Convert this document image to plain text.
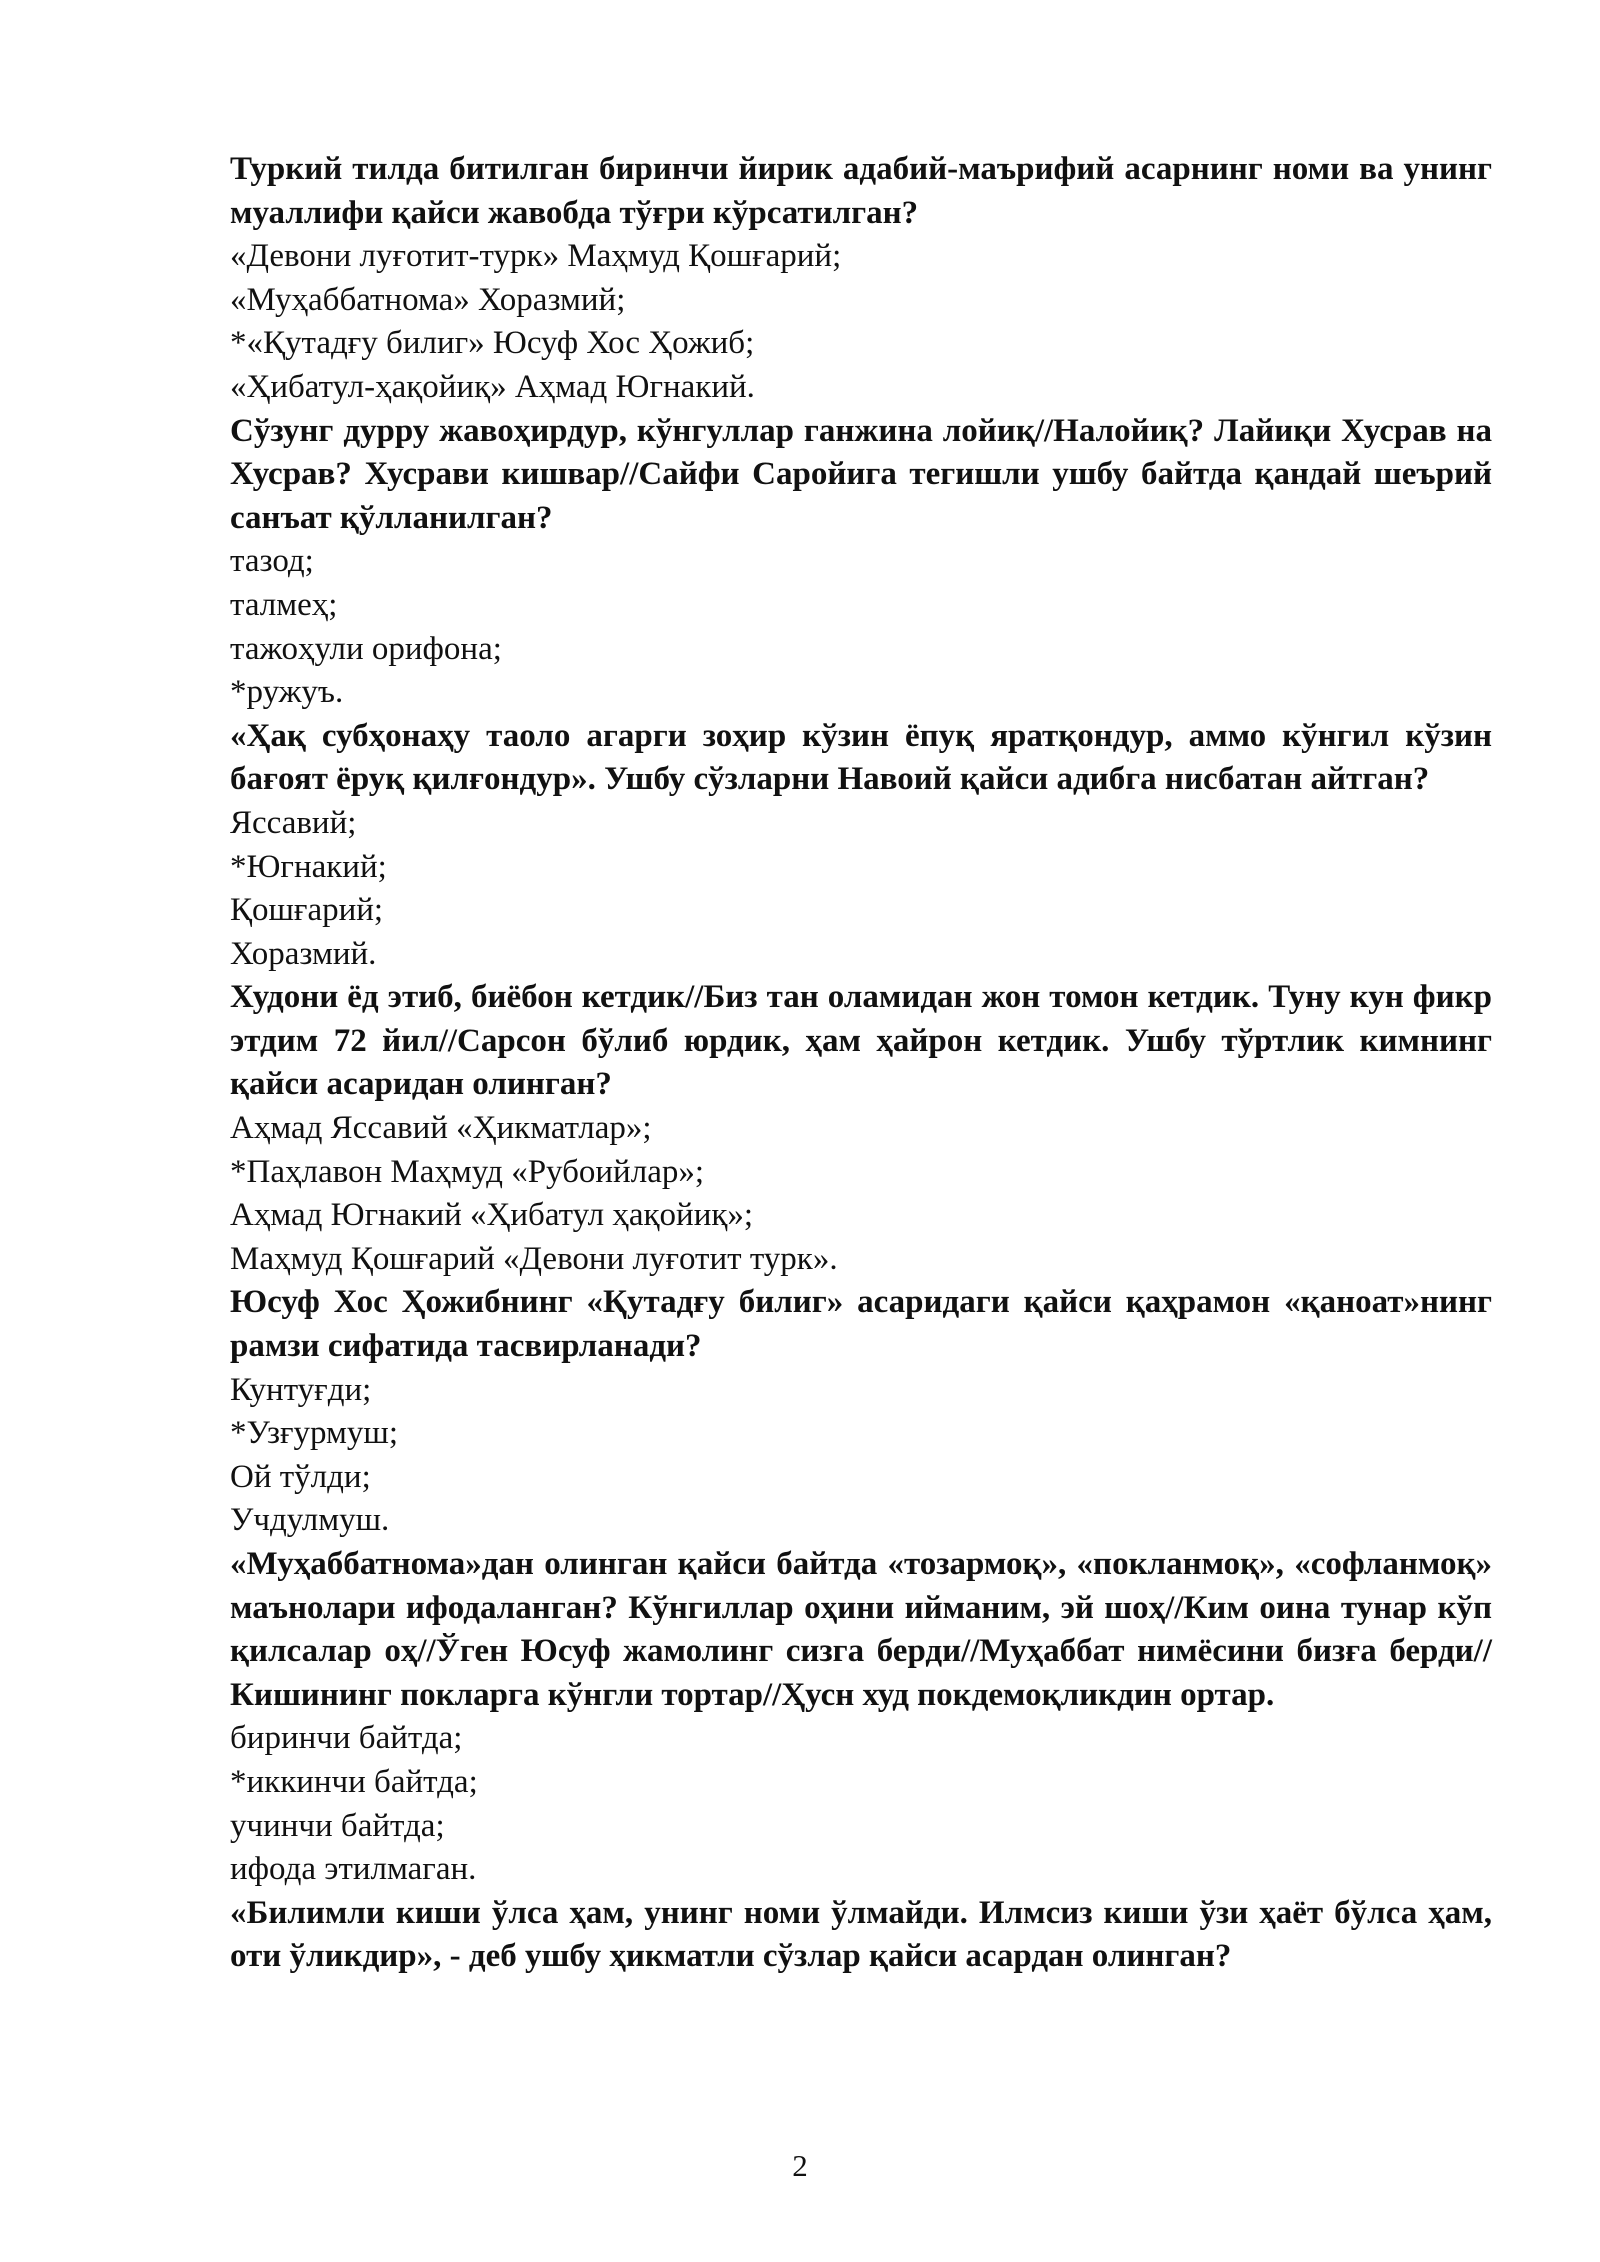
Туркий тилда битилган биринчи йирик адабий-маърифий асарнинг номи ва унинг муаллифи қайси жавобда тўғри кўрсатилган?

«Девони луғотит-турк» Маҳмуд Қошғарий;

«Муҳаббатнома» Хоразмий;

*«Қутадғу билиг» Юсуф Хос Ҳожиб;

«Ҳибатул-ҳақойиқ» Аҳмад Югнакий.

Сўзунг дурру жавоҳирдур, кўнгуллар ганжина лойиқ//Налойиқ? Лайиқи Хусрав на Хусрав? Хусрави кишвар//Сайфи Саройига тегишли ушбу байтда қандай шеърий санъат қўлланилган?

тазод;

талмеҳ;

тажоҳули орифона;

*ружуъ.

«Ҳақ субҳонаҳу таоло агарги зоҳир кўзин ёпуқ яратқондур, аммо кўнгил кўзин бағоят ёруқ қилғондур». Ушбу сўзларни Навоий қайси адибга нисбатан айтган?

Яссавий;

*Югнакий;

Қошғарий;

Хоразмий.

Худони ёд этиб, биёбон кетдик//Биз тан оламидан жон томон кетдик. Туну кун фикр этдим 72 йил//Сарсон бўлиб юрдик, ҳам ҳайрон кетдик. Ушбу тўртлик кимнинг қайси асаридан олинган?

Аҳмад Яссавий «Ҳикматлар»;

*Паҳлавон Маҳмуд «Рубоийлар»;

Аҳмад Югнакий «Ҳибатул ҳақойиқ»;

Маҳмуд Қошғарий «Девони луғотит турк».

Юсуф Хос Ҳожибнинг «Қутадғу билиг» асаридаги қайси қаҳрамон «қаноат»нинг рамзи сифатида тасвирланади?

Кунтуғди;

*Узғурмуш;

Ой тўлди;

Учдулмуш.

«Муҳаббатнома»дан олинган қайси байтда «тозармоқ», «покланмоқ», «софланмоқ» маънолари ифодаланган? Кўнгиллар оҳини ийманим, эй шоҳ//Ким оина тунар кўп қилсалар оҳ//Ўген Юсуф жамолинг сизга берди//Муҳаббат нимёсини бизға берди//Кишининг покларга кўнгли тортар//Ҳусн худ покдемоқликдин ортар.

биринчи байтда;

*иккинчи байтда;

учинчи байтда;

ифода этилмаган.

«Билимли киши ўлса ҳам, унинг номи ўлмайди. Илмсиз киши ўзи ҳаёт бўлса ҳам, оти ўликдир», - деб ушбу ҳикматли сўзлар қайси асардан олинган?

2
